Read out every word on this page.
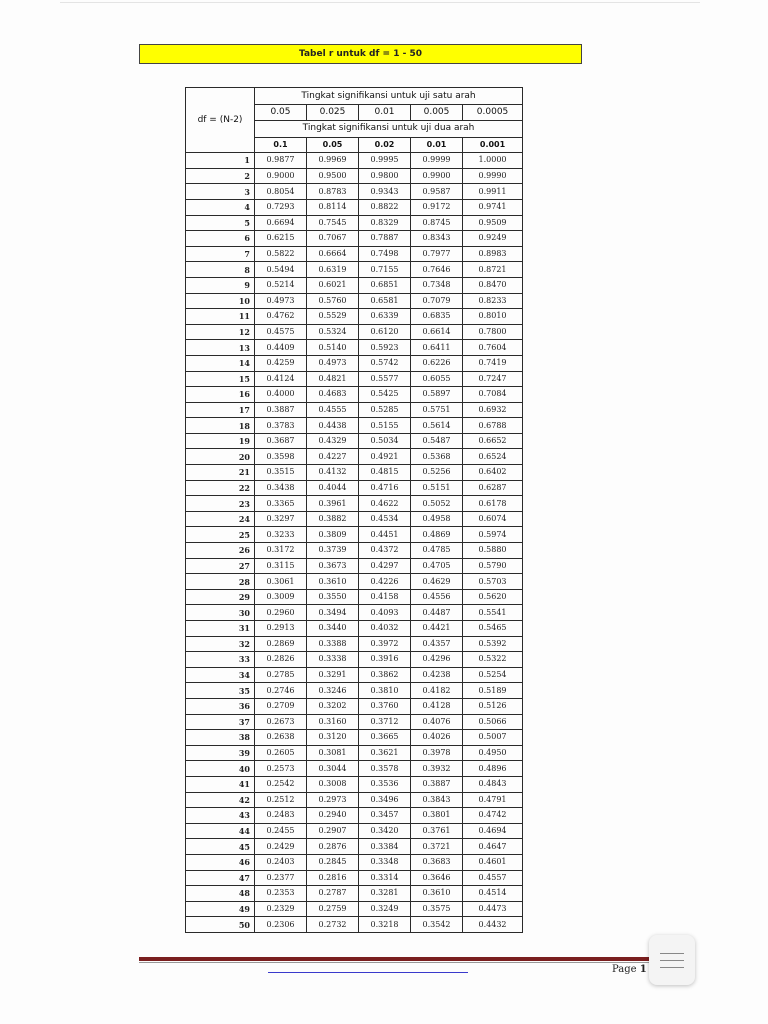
Tabel r untuk df = 1 - 50
df = (N-2)	Tingkat signifikansi untuk uji satu arah				
	0.05	0.025	0.01	0.005	0.0005
	Tingkat signifikansi untuk uji dua arah				
	0.1	0.05	0.02	0.01	0.001
1	0.9877	0.9969	0.9995	0.9999	1.0000
2	0.9000	0.9500	0.9800	0.9900	0.9990
3	0.8054	0.8783	0.9343	0.9587	0.9911
4	0.7293	0.8114	0.8822	0.9172	0.9741
5	0.6694	0.7545	0.8329	0.8745	0.9509
6	0.6215	0.7067	0.7887	0.8343	0.9249
7	0.5822	0.6664	0.7498	0.7977	0.8983
8	0.5494	0.6319	0.7155	0.7646	0.8721
9	0.5214	0.6021	0.6851	0.7348	0.8470
10	0.4973	0.5760	0.6581	0.7079	0.8233
11	0.4762	0.5529	0.6339	0.6835	0.8010
12	0.4575	0.5324	0.6120	0.6614	0.7800
13	0.4409	0.5140	0.5923	0.6411	0.7604
14	0.4259	0.4973	0.5742	0.6226	0.7419
15	0.4124	0.4821	0.5577	0.6055	0.7247
16	0.4000	0.4683	0.5425	0.5897	0.7084
17	0.3887	0.4555	0.5285	0.5751	0.6932
18	0.3783	0.4438	0.5155	0.5614	0.6788
19	0.3687	0.4329	0.5034	0.5487	0.6652
20	0.3598	0.4227	0.4921	0.5368	0.6524
21	0.3515	0.4132	0.4815	0.5256	0.6402
22	0.3438	0.4044	0.4716	0.5151	0.6287
23	0.3365	0.3961	0.4622	0.5052	0.6178
24	0.3297	0.3882	0.4534	0.4958	0.6074
25	0.3233	0.3809	0.4451	0.4869	0.5974
26	0.3172	0.3739	0.4372	0.4785	0.5880
27	0.3115	0.3673	0.4297	0.4705	0.5790
28	0.3061	0.3610	0.4226	0.4629	0.5703
29	0.3009	0.3550	0.4158	0.4556	0.5620
30	0.2960	0.3494	0.4093	0.4487	0.5541
31	0.2913	0.3440	0.4032	0.4421	0.5465
32	0.2869	0.3388	0.3972	0.4357	0.5392
33	0.2826	0.3338	0.3916	0.4296	0.5322
34	0.2785	0.3291	0.3862	0.4238	0.5254
35	0.2746	0.3246	0.3810	0.4182	0.5189
36	0.2709	0.3202	0.3760	0.4128	0.5126
37	0.2673	0.3160	0.3712	0.4076	0.5066
38	0.2638	0.3120	0.3665	0.4026	0.5007
39	0.2605	0.3081	0.3621	0.3978	0.4950
40	0.2573	0.3044	0.3578	0.3932	0.4896
41	0.2542	0.3008	0.3536	0.3887	0.4843
42	0.2512	0.2973	0.3496	0.3843	0.4791
43	0.2483	0.2940	0.3457	0.3801	0.4742
44	0.2455	0.2907	0.3420	0.3761	0.4694
45	0.2429	0.2876	0.3384	0.3721	0.4647
46	0.2403	0.2845	0.3348	0.3683	0.4601
47	0.2377	0.2816	0.3314	0.3646	0.4557
48	0.2353	0.2787	0.3281	0.3610	0.4514
49	0.2329	0.2759	0.3249	0.3575	0.4473
50	0.2306	0.2732	0.3218	0.3542	0.4432
Page 1
